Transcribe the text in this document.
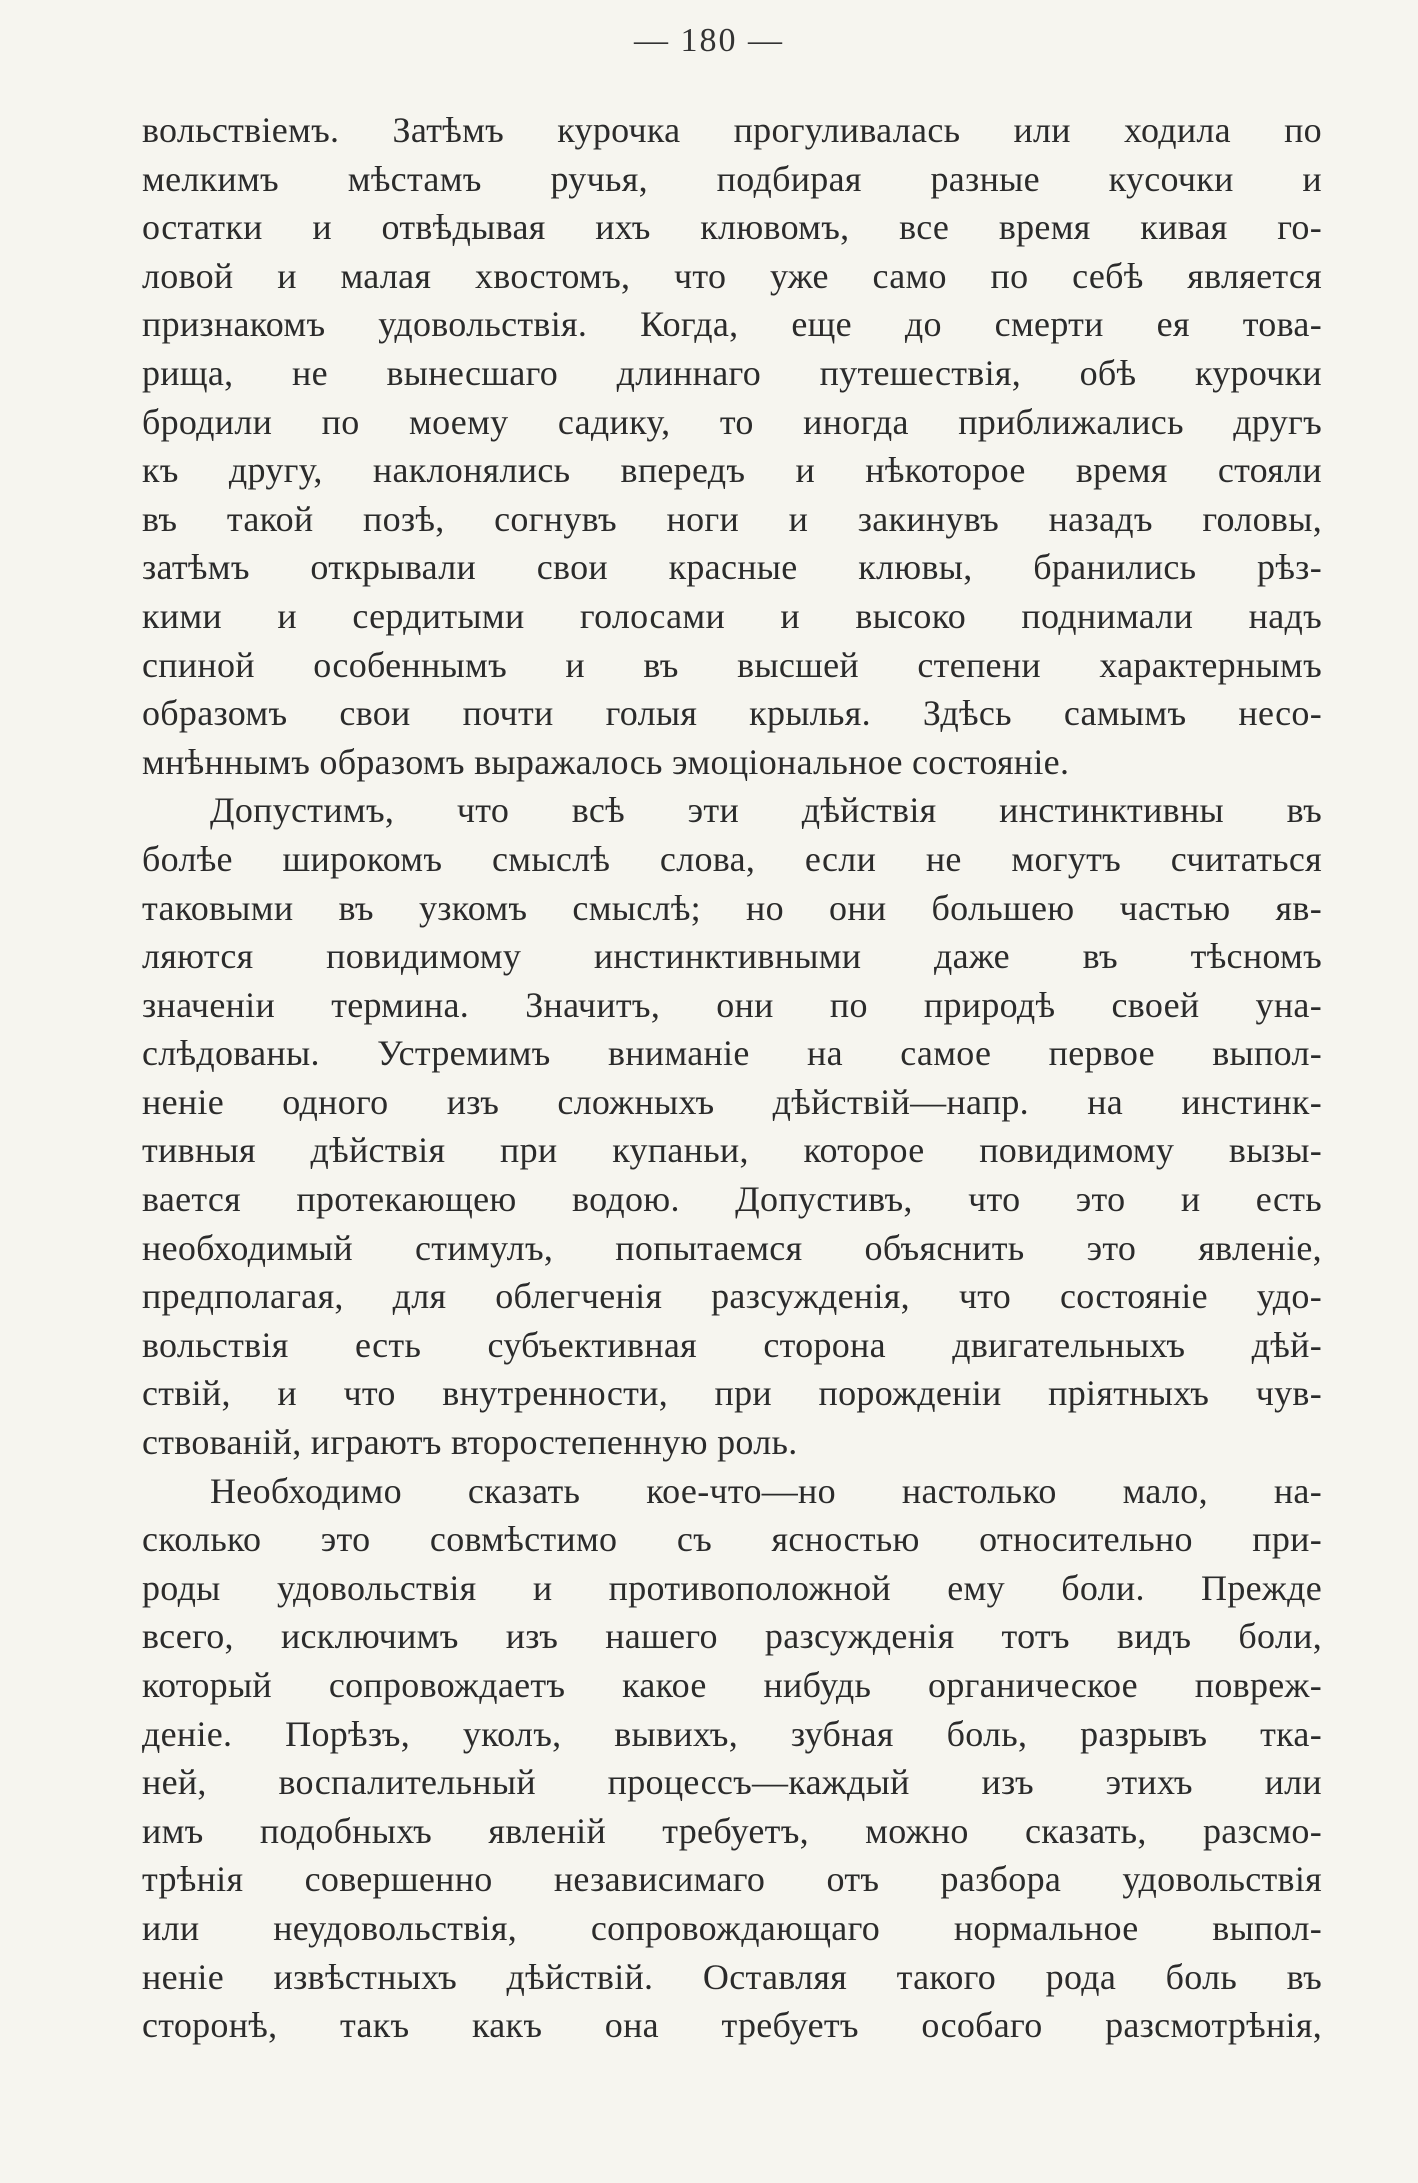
— 180 —
вольствіемъ. Затѣмъ курочка прогуливалась или ходила по
мелкимъ мѣстамъ ручья, подбирая разные кусочки и
остатки и отвѣдывая ихъ клювомъ, все время кивая го-
ловой и малая хвостомъ, что уже само по себѣ является
признакомъ удовольствія. Когда, еще до смерти ея това-
рища, не вынесшаго длиннаго путешествія, обѣ курочки
бродили по моему садику, то иногда приближались другъ
къ другу, наклонялись впередъ и нѣкоторое время стояли
въ такой позѣ, согнувъ ноги и закинувъ назадъ головы,
затѣмъ открывали свои красные клювы, бранились рѣз-
кими и сердитыми голосами и высоко поднимали надъ
спиной особеннымъ и въ высшей степени характернымъ
образомъ свои почти голыя крылья. Здѣсь самымъ несо-
мнѣннымъ образомъ выражалось эмоціональное состояніе.
Допустимъ, что всѣ эти дѣйствія инстинктивны въ
болѣе широкомъ смыслѣ слова, если не могутъ считаться
таковыми въ узкомъ смыслѣ; но они большею частью яв-
ляются повидимому инстинктивными даже въ тѣсномъ
значеніи термина. Значитъ, они по природѣ своей уна-
слѣдованы. Устремимъ вниманіе на самое первое выпол-
неніе одного изъ сложныхъ дѣйствій—напр. на инстинк-
тивныя дѣйствія при купаньи, которое повидимому вызы-
вается протекающею водою. Допустивъ, что это и есть
необходимый стимулъ, попытаемся объяснить это явленіе,
предполагая, для облегченія разсужденія, что состояніе удо-
вольствія есть субъективная сторона двигательныхъ дѣй-
ствій, и что внутренности, при порожденіи пріятныхъ чув-
ствованій, играютъ второстепенную роль.
Необходимо сказать кое-что—но настолько мало, на-
сколько это совмѣстимо съ ясностью относительно при-
роды удовольствія и противоположной ему боли. Прежде
всего, исключимъ изъ нашего разсужденія тотъ видъ боли,
который сопровождаетъ какое нибудь органическое повреж-
деніе. Порѣзъ, уколъ, вывихъ, зубная боль, разрывъ тка-
ней, воспалительный процессъ—каждый изъ этихъ или
имъ подобныхъ явленій требуетъ, можно сказать, разсмо-
трѣнія совершенно независимаго отъ разбора удовольствія
или неудовольствія, сопровождающаго нормальное выпол-
неніе извѣстныхъ дѣйствій. Оставляя такого рода боль въ
сторонѣ, такъ какъ она требуетъ особаго разсмотрѣнія,
